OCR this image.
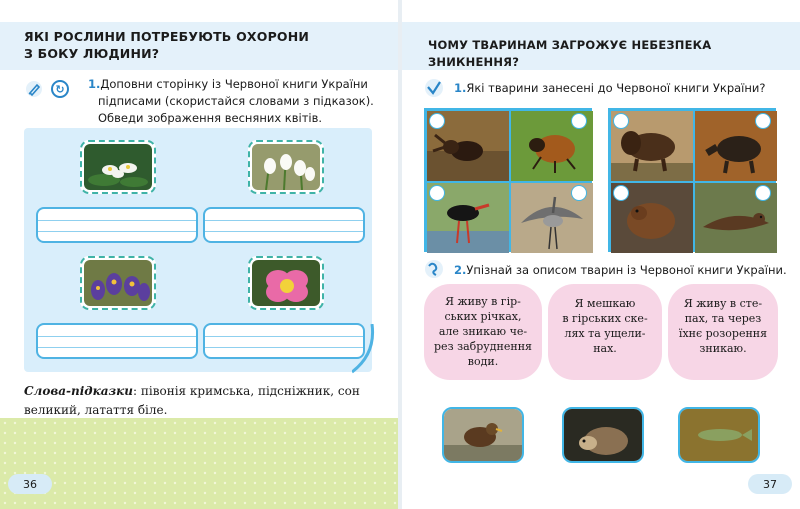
ЯКІ РОСЛИНИ ПОТРЕБУЮТЬ ОХОРОНИ
З БОКУ ЛЮДИНИ?
↻	1.Доповни сторінку із Червоної книги України
підписами (скористайся словами з підказок).
Обведи зображення весняних квітів.
Слова-підказки: півонія кримська, підсніжник, сон
великий, латаття біле.
36
ЧОМУ ТВАРИНАМ ЗАГРОЖУЄ НЕБЕЗПЕКА ЗНИКНЕННЯ?
1.Які тварини занесені до Червоної книги України?
2.Упізнай за описом тварин із Червоної книги України.
Я живу в гір-
ських річках,
але зникаю че-
рез забруднення
води.
Я мешкаю
в гірських ске-
лях та ущели-
нах.
Я живу в сте-
пах, та через
їхнє розорення
зникаю.
37
